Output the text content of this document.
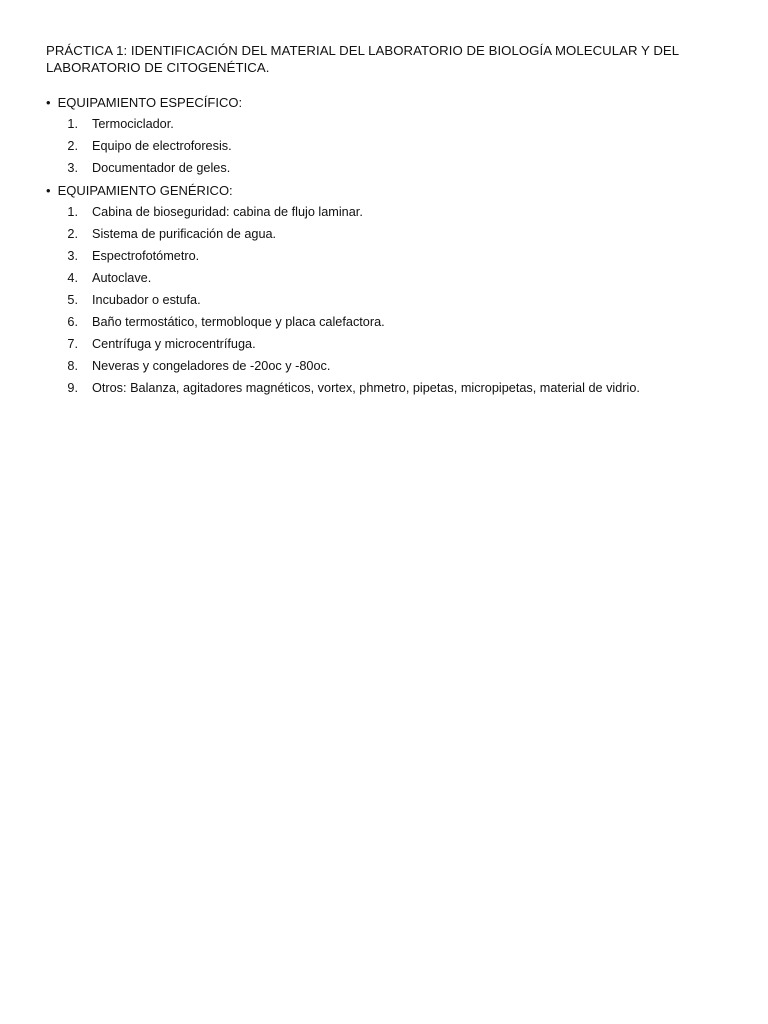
PRÁCTICA 1: IDENTIFICACIÓN DEL MATERIAL DEL LABORATORIO DE BIOLOGÍA MOLECULAR Y DEL LABORATORIO DE CITOGENÉTICA.
• EQUIPAMIENTO ESPECÍFICO:
1. Termociclador.
2. Equipo de electroforesis.
3. Documentador de geles.
• EQUIPAMIENTO GENÉRICO:
1. Cabina de bioseguridad: cabina de flujo laminar.
2. Sistema de purificación de agua.
3. Espectrofotómetro.
4. Autoclave.
5. Incubador o estufa.
6. Baño termostático, termobloque y placa calefactora.
7. Centrífuga y microcentrífuga.
8. Neveras y congeladores de -20oc y -80oc.
9. Otros: Balanza, agitadores magnéticos, vortex, phmetro, pipetas, micropipetas, material de vidrio.
